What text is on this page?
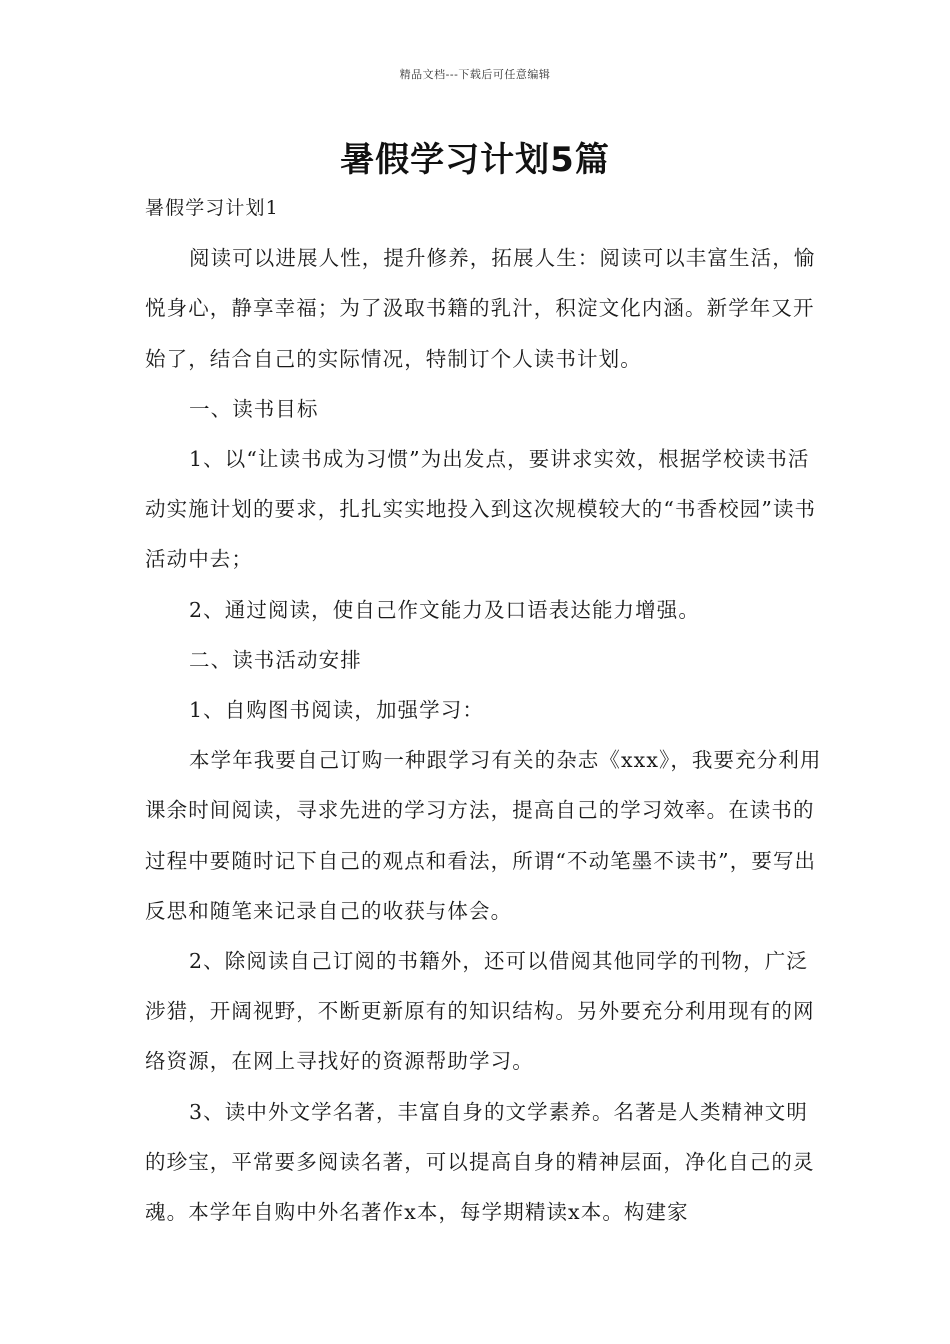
精品文档---下载后可任意编辑
暑假学习计划5篇

暑假学习计划1

阅读可以进展人性，提升修养，拓展人生：阅读可以丰富生活，愉悦身心，静享幸福；为了汲取书籍的乳汁，积淀文化内涵。新学年又开始了，结合自己的实际情况，特制订个人读书计划。

一、读书目标

1、以“让读书成为习惯”为出发点，要讲求实效，根据学校读书活动实施计划的要求，扎扎实实地投入到这次规模较大的“书香校园”读书活动中去；

2、通过阅读，使自己作文能力及口语表达能力增强。

二、读书活动安排

1、自购图书阅读，加强学习：

本学年我要自己订购一种跟学习有关的杂志《xxx》，我要充分利用课余时间阅读，寻求先进的学习方法，提高自己的学习效率。在读书的过程中要随时记下自己的观点和看法，所谓“不动笔墨不读书”，要写出反思和随笔来记录自己的收获与体会。

2、除阅读自己订阅的书籍外，还可以借阅其他同学的刊物，广泛涉猎，开阔视野，不断更新原有的知识结构。另外要充分利用现有的网络资源，在网上寻找好的资源帮助学习。

3、读中外文学名著，丰富自身的文学素养。名著是人类精神文明的珍宝，平常要多阅读名著，可以提高自身的精神层面，净化自己的灵魂。本学年自购中外名著作x本，每学期精读x本。构建家
